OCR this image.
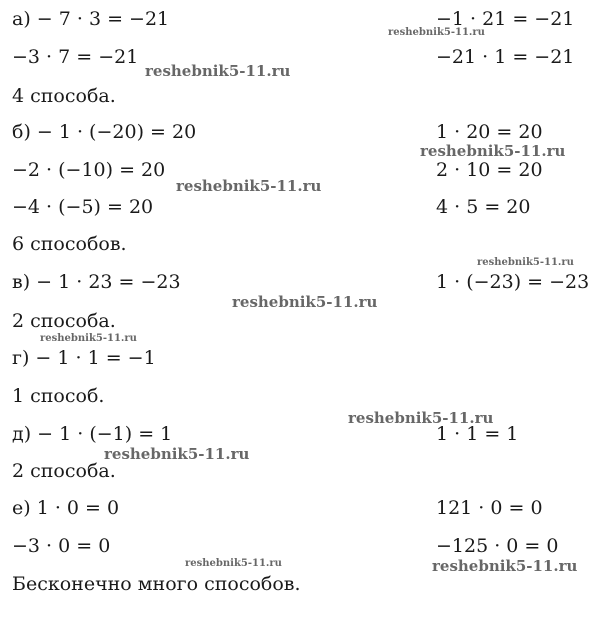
а) − 7 · 3 = −21	−1 · 21 = −21
−3 · 7 = −21	−21 · 1 = −21
4 способа.
б) − 1 · (−20) = 20	1 · 20 = 20
−2 · (−10) = 20	2 · 10 = 20
−4 · (−5) = 20	4 · 5 = 20
6 способов.
в) − 1 · 23 = −23	1 · (−23) = −23
2 способа.
г) − 1 · 1 = −1
1 способ.
д) − 1 · (−1) = 1	1 · 1 = 1
2 способа.
е) 1 · 0 = 0	121 · 0 = 0
−3 · 0 = 0	−125 · 0 = 0
Бесконечно много способов.
reshebnik5-11.ru
reshebnik5-11.ru
reshebnik5-11.ru
reshebnik5-11.ru
reshebnik5-11.ru
reshebnik5-11.ru
reshebnik5-11.ru
reshebnik5-11.ru
reshebnik5-11.ru
reshebnik5-11.ru	reshebnik5-11.ru
